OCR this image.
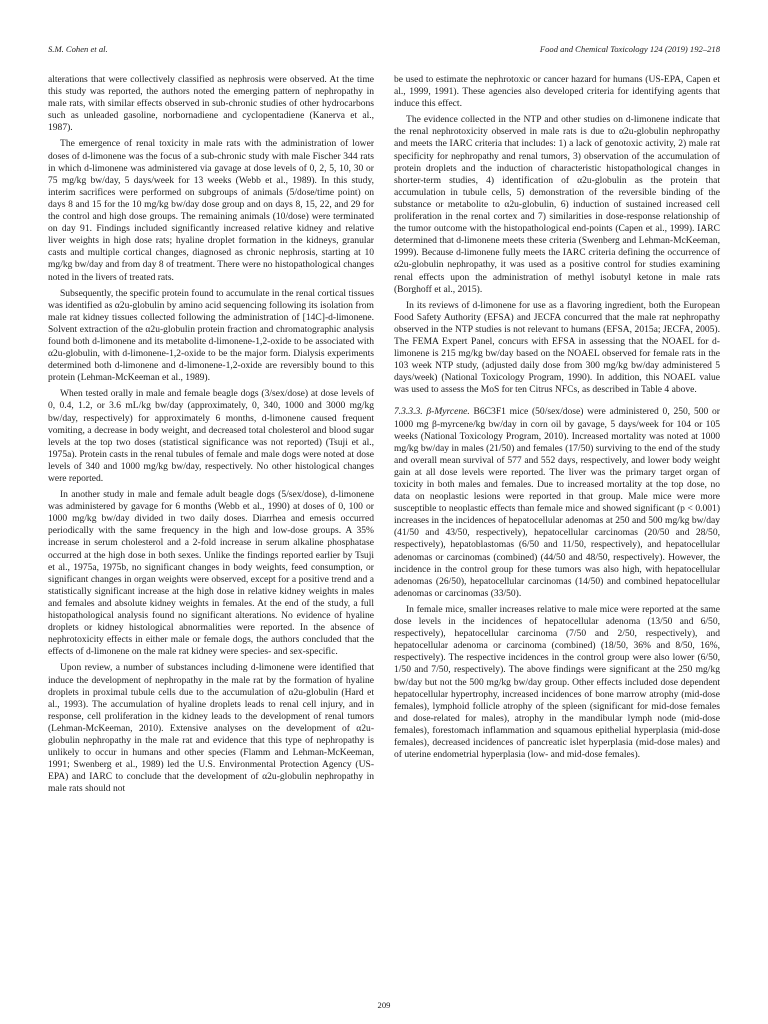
S.M. Cohen et al.	Food and Chemical Toxicology 124 (2019) 192–218

alterations that were collectively classified as nephrosis were observed. At the time this study was reported, the authors noted the emerging pattern of nephropathy in male rats, with similar effects observed in sub-chronic studies of other hydrocarbons such as unleaded gasoline, norbornadiene and cyclopentadiene (Kanerva et al., 1987).

The emergence of renal toxicity in male rats with the administration of lower doses of d-limonene was the focus of a sub-chronic study with male Fischer 344 rats in which d-limonene was administered via gavage at dose levels of 0, 2, 5, 10, 30 or 75 mg/kg bw/day, 5 days/week for 13 weeks (Webb et al., 1989). In this study, interim sacrifices were performed on subgroups of animals (5/dose/time point) on days 8 and 15 for the 10 mg/kg bw/day dose group and on days 8, 15, 22, and 29 for the control and high dose groups. The remaining animals (10/dose) were terminated on day 91. Findings included significantly increased relative kidney and relative liver weights in high dose rats; hyaline droplet formation in the kidneys, granular casts and multiple cortical changes, diagnosed as chronic nephrosis, starting at 10 mg/kg bw/day and from day 8 of treatment. There were no histopathological changes noted in the livers of treated rats.

Subsequently, the specific protein found to accumulate in the renal cortical tissues was identified as α2u-globulin by amino acid sequencing following its isolation from male rat kidney tissues collected following the administration of [14C]-d-limonene. Solvent extraction of the α2u-globulin protein fraction and chromatographic analysis found both d-limonene and its metabolite d-limonene-1,2-oxide to be associated with α2u-globulin, with d-limonene-1,2-oxide to be the major form. Dialysis experiments determined both d-limonene and d-limonene-1,2-oxide are reversibly bound to this protein (Lehman-McKeeman et al., 1989).

When tested orally in male and female beagle dogs (3/sex/dose) at dose levels of 0, 0.4, 1.2, or 3.6 mL/kg bw/day (approximately, 0, 340, 1000 and 3000 mg/kg bw/day, respectively) for approximately 6 months, d-limonene caused frequent vomiting, a decrease in body weight, and decreased total cholesterol and blood sugar levels at the top two doses (statistical significance was not reported) (Tsuji et al., 1975a). Protein casts in the renal tubules of female and male dogs were noted at dose levels of 340 and 1000 mg/kg bw/day, respectively. No other histological changes were reported.

In another study in male and female adult beagle dogs (5/sex/dose), d-limonene was administered by gavage for 6 months (Webb et al., 1990) at doses of 0, 100 or 1000 mg/kg bw/day divided in two daily doses. Diarrhea and emesis occurred periodically with the same frequency in the high and low-dose groups. A 35% increase in serum cholesterol and a 2-fold increase in serum alkaline phosphatase occurred at the high dose in both sexes. Unlike the findings reported earlier by Tsuji et al., 1975a, 1975b, no significant changes in body weights, feed consumption, or significant changes in organ weights were observed, except for a positive trend and a statistically significant increase at the high dose in relative kidney weights in males and females and absolute kidney weights in females. At the end of the study, a full histopathological analysis found no significant alterations. No evidence of hyaline droplets or kidney histological abnormalities were reported. In the absence of nephrotoxicity effects in either male or female dogs, the authors concluded that the effects of d-limonene on the male rat kidney were species- and sex-specific.

Upon review, a number of substances including d-limonene were identified that induce the development of nephropathy in the male rat by the formation of hyaline droplets in proximal tubule cells due to the accumulation of α2u-globulin (Hard et al., 1993). The accumulation of hyaline droplets leads to renal cell injury, and in response, cell proliferation in the kidney leads to the development of renal tumors (Lehman-McKeeman, 2010). Extensive analyses on the development of α2u-globulin nephropathy in the male rat and evidence that this type of nephropathy is unlikely to occur in humans and other species (Flamm and Lehman-McKeeman, 1991; Swenberg et al., 1989) led the U.S. Environmental Protection Agency (US-EPA) and IARC to conclude that the development of α2u-globulin nephropathy in male rats should not

be used to estimate the nephrotoxic or cancer hazard for humans (US-EPA, Capen et al., 1999, 1991). These agencies also developed criteria for identifying agents that induce this effect.

The evidence collected in the NTP and other studies on d-limonene indicate that the renal nephrotoxicity observed in male rats is due to α2u-globulin nephropathy and meets the IARC criteria that includes: 1) a lack of genotoxic activity, 2) male rat specificity for nephropathy and renal tumors, 3) observation of the accumulation of protein droplets and the induction of characteristic histopathological changes in shorter-term studies, 4) identification of α2u-globulin as the protein that accumulation in tubule cells, 5) demonstration of the reversible binding of the substance or metabolite to α2u-globulin, 6) induction of sustained increased cell proliferation in the renal cortex and 7) similarities in dose-response relationship of the tumor outcome with the histopathological end-points (Capen et al., 1999). IARC determined that d-limonene meets these criteria (Swenberg and Lehman-McKeeman, 1999). Because d-limonene fully meets the IARC criteria defining the occurrence of α2u-globulin nephropathy, it was used as a positive control for studies examining renal effects upon the administration of methyl isobutyl ketone in male rats (Borghoff et al., 2015).

In its reviews of d-limonene for use as a flavoring ingredient, both the European Food Safety Authority (EFSA) and JECFA concurred that the male rat nephropathy observed in the NTP studies is not relevant to humans (EFSA, 2015a; JECFA, 2005). The FEMA Expert Panel, concurs with EFSA in assessing that the NOAEL for d-limonene is 215 mg/kg bw/day based on the NOAEL observed for female rats in the 103 week NTP study, (adjusted daily dose from 300 mg/kg bw/day administered 5 days/week) (National Toxicology Program, 1990). In addition, this NOAEL value was used to assess the MoS for ten Citrus NFCs, as described in Table 4 above.

7.3.3.3. β-Myrcene. B6C3F1 mice (50/sex/dose) were administered 0, 250, 500 or 1000 mg β-myrcene/kg bw/day in corn oil by gavage, 5 days/week for 104 or 105 weeks (National Toxicology Program, 2010). Increased mortality was noted at 1000 mg/kg bw/day in males (21/50) and females (17/50) surviving to the end of the study and overall mean survival of 577 and 552 days, respectively, and lower body weight gain at all dose levels were reported. The liver was the primary target organ of toxicity in both males and females. Due to increased mortality at the top dose, no data on neoplastic lesions were reported in that group. Male mice were more susceptible to neoplastic effects than female mice and showed significant (p < 0.001) increases in the incidences of hepatocellular adenomas at 250 and 500 mg/kg bw/day (41/50 and 43/50, respectively), hepatocellular carcinomas (20/50 and 28/50, respectively), hepatoblastomas (6/50 and 11/50, respectively), and hepatocellular adenomas or carcinomas (combined) (44/50 and 48/50, respectively). However, the incidence in the control group for these tumors was also high, with hepatocellular adenomas (26/50), hepatocellular carcinomas (14/50) and combined hepatocellular adenomas or carcinomas (33/50).

In female mice, smaller increases relative to male mice were reported at the same dose levels in the incidences of hepatocellular adenoma (13/50 and 6/50, respectively), hepatocellular carcinoma (7/50 and 2/50, respectively), and hepatocellular adenoma or carcinoma (combined) (18/50, 36% and 8/50, 16%, respectively). The respective incidences in the control group were also lower (6/50, 1/50 and 7/50, respectively). The above findings were significant at the 250 mg/kg bw/day but not the 500 mg/kg bw/day group. Other effects included dose dependent hepatocellular hypertrophy, increased incidences of bone marrow atrophy (mid-dose females), lymphoid follicle atrophy of the spleen (significant for mid-dose females and dose-related for males), atrophy in the mandibular lymph node (mid-dose females), forestomach inflammation and squamous epithelial hyperplasia (mid-dose females), decreased incidences of pancreatic islet hyperplasia (mid-dose males) and of uterine endometrial hyperplasia (low- and mid-dose females).

209
